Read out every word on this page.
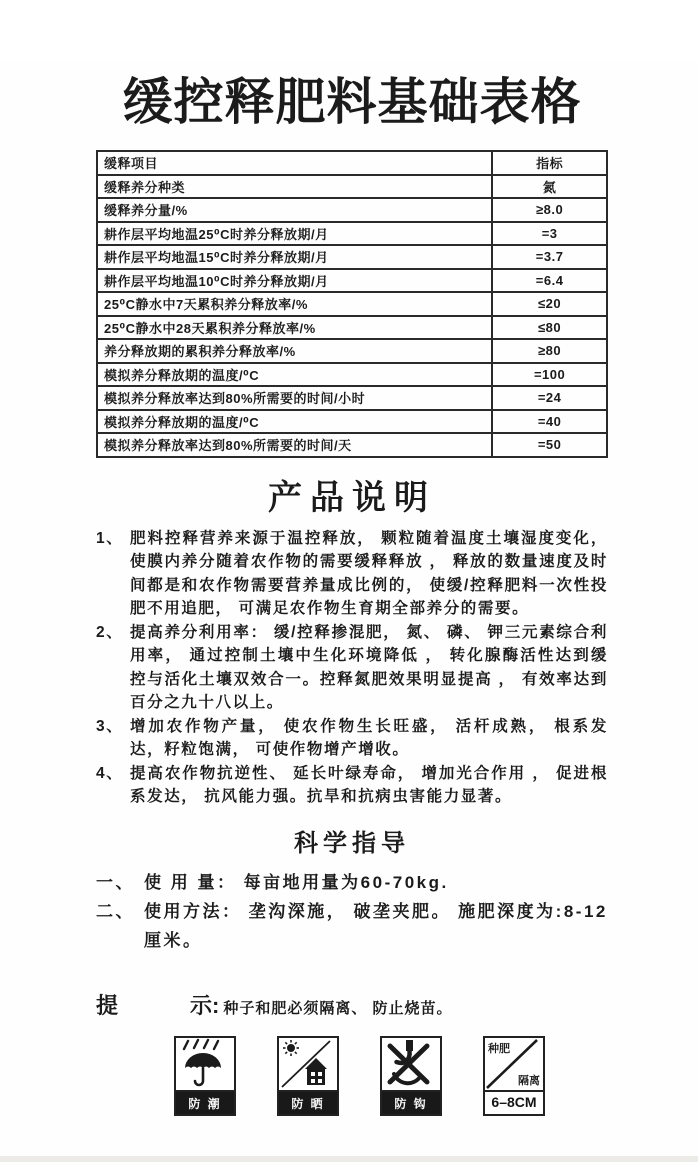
缓控释肥料基础表格
缓释项目	指标
缓释养分种类	氮
缓释养分量/%	≥8.0
耕作层平均地温25⁰C时养分释放期/月	=3
耕作层平均地温15⁰C时养分释放期/月	=3.7
耕作层平均地温10⁰C时养分释放期/月	=6.4
25⁰C静水中7天累积养分释放率/%	≤20
25⁰C静水中28天累积养分释放率/%	≤80
养分释放期的累积养分释放率/%	≥80
模拟养分释放期的温度/⁰C	=100
模拟养分释放率达到80%所需要的时间/小时	=24
模拟养分释放期的温度/⁰C	=40
模拟养分释放率达到80%所需要的时间/天	=50
产品说明
1、 肥料控释营养来源于温控释放， 颗粒随着温度土壤湿度变化，使膜内养分随着农作物的需要缓释释放 ， 释放的数量速度及时间都是和农作物需要营养量成比例的， 使缓/控释肥料一次性投肥不用追肥， 可满足农作物生育期全部养分的需要。
2、 提高养分利用率： 缓/控释掺混肥， 氮、 磷、 钾三元素综合利用率， 通过控制土壤中生化环境降低 ， 转化腺酶活性达到缓控与活化土壤双效合一。控释氮肥效果明显提高 ， 有效率达到百分之九十八以上。
3、 增加农作物产量， 使农作物生长旺盛， 活杆成熟， 根系发达，籽粒饱满， 可使作物增产增收。
4、 提高农作物抗逆性、 延长叶绿寿命， 增加光合作用 ， 促进根系发达， 抗风能力强。抗旱和抗病虫害能力显著。
科学指导
一、 使 用 量： 每亩地用量为60-70kg.
二、 使用方法： 垄沟深施， 破垄夹肥。 施肥深度为:8-12厘米。
提	示: 种子和肥必须隔离、 防止烧苗。
防 潮	防 晒	防 钩
种肥
隔离
6–8CM
